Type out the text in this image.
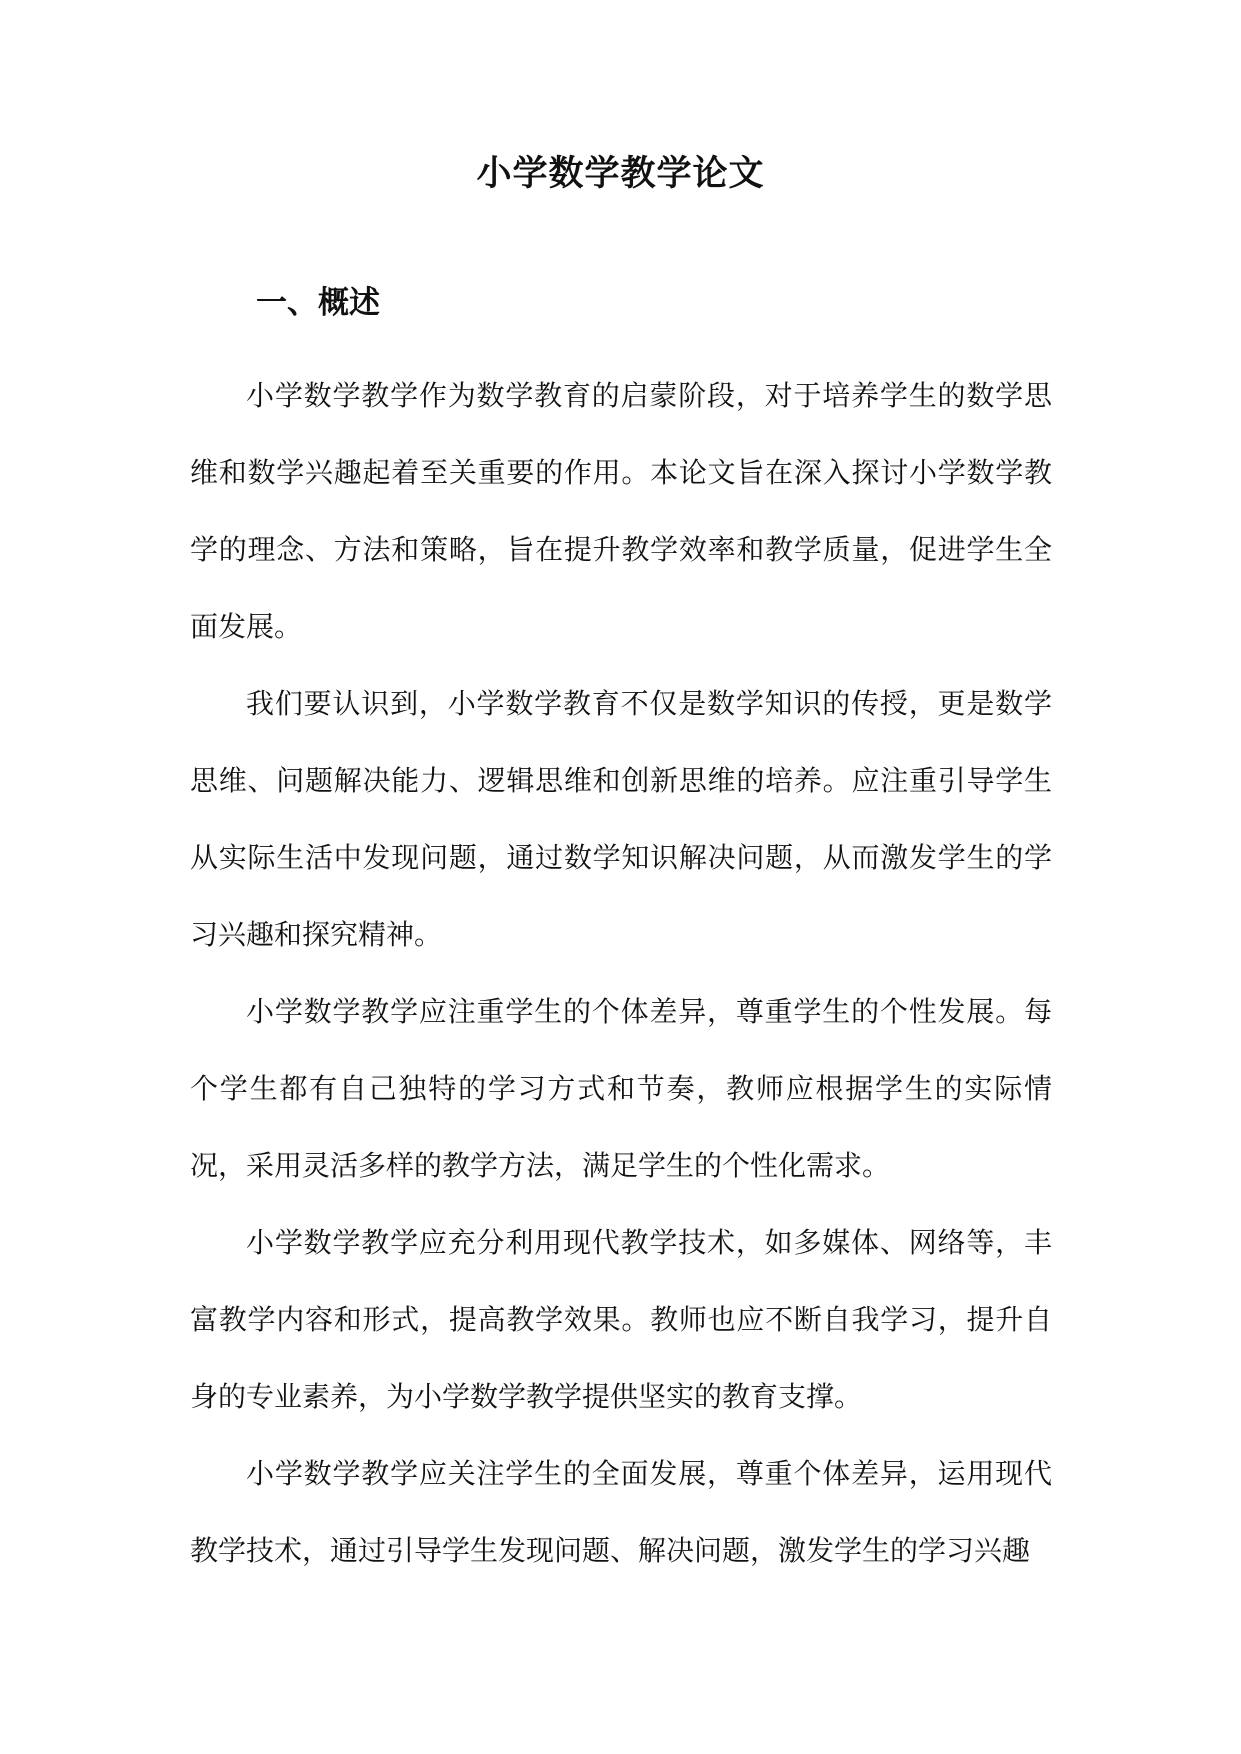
小学数学教学论文
一、概述

小学数学教学作为数学教育的启蒙阶段，对于培养学生的数学思维和数学兴趣起着至关重要的作用。本论文旨在深入探讨小学数学教学的理念、方法和策略，旨在提升教学效率和教学质量，促进学生全面发展。

我们要认识到，小学数学教育不仅是数学知识的传授，更是数学思维、问题解决能力、逻辑思维和创新思维的培养。应注重引导学生从实际生活中发现问题，通过数学知识解决问题，从而激发学生的学习兴趣和探究精神。

小学数学教学应注重学生的个体差异，尊重学生的个性发展。每个学生都有自己独特的学习方式和节奏，教师应根据学生的实际情况，采用灵活多样的教学方法，满足学生的个性化需求。

小学数学教学应充分利用现代教学技术，如多媒体、网络等，丰富教学内容和形式，提高教学效果。教师也应不断自我学习，提升自身的专业素养，为小学数学教学提供坚实的教育支撑。

小学数学教学应关注学生的全面发展，尊重个体差异，运用现代教学技术，通过引导学生发现问题、解决问题，激发学生的学习兴趣
